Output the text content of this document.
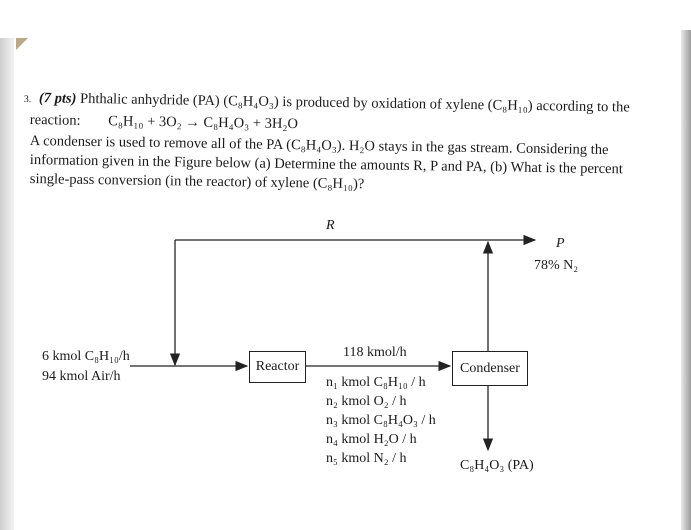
3. (7 pts) Phthalic anhydride (PA) (C₈H₄O₃) is produced by oxidation of xylene (C₈H₁₀) according to the
reaction: C₈H₁₀ + 3O₂ → C₈H₄O₃ + 3H₂O
A condenser is used to remove all of the PA (C₈H₄O₃). H₂O stays in the gas stream. Considering the
information given in the Figure below (a) Determine the amounts R, P and PA, (b) What is the percent
single-pass conversion (in the reactor) of xylene (C₈H₁₀)?
R
P
78% N₂
6 kmol C₈H₁₀/h
94 kmol Air/h
Reactor	Condenser
118 kmol/h
n₁ kmol C₈H₁₀ / h
n₂ kmol O₂ / h
n₃ kmol C₈H₄O₃ / h
n₄ kmol H₂O / h
n₅ kmol N₂ / h	C₈H₄O₃ (PA)
